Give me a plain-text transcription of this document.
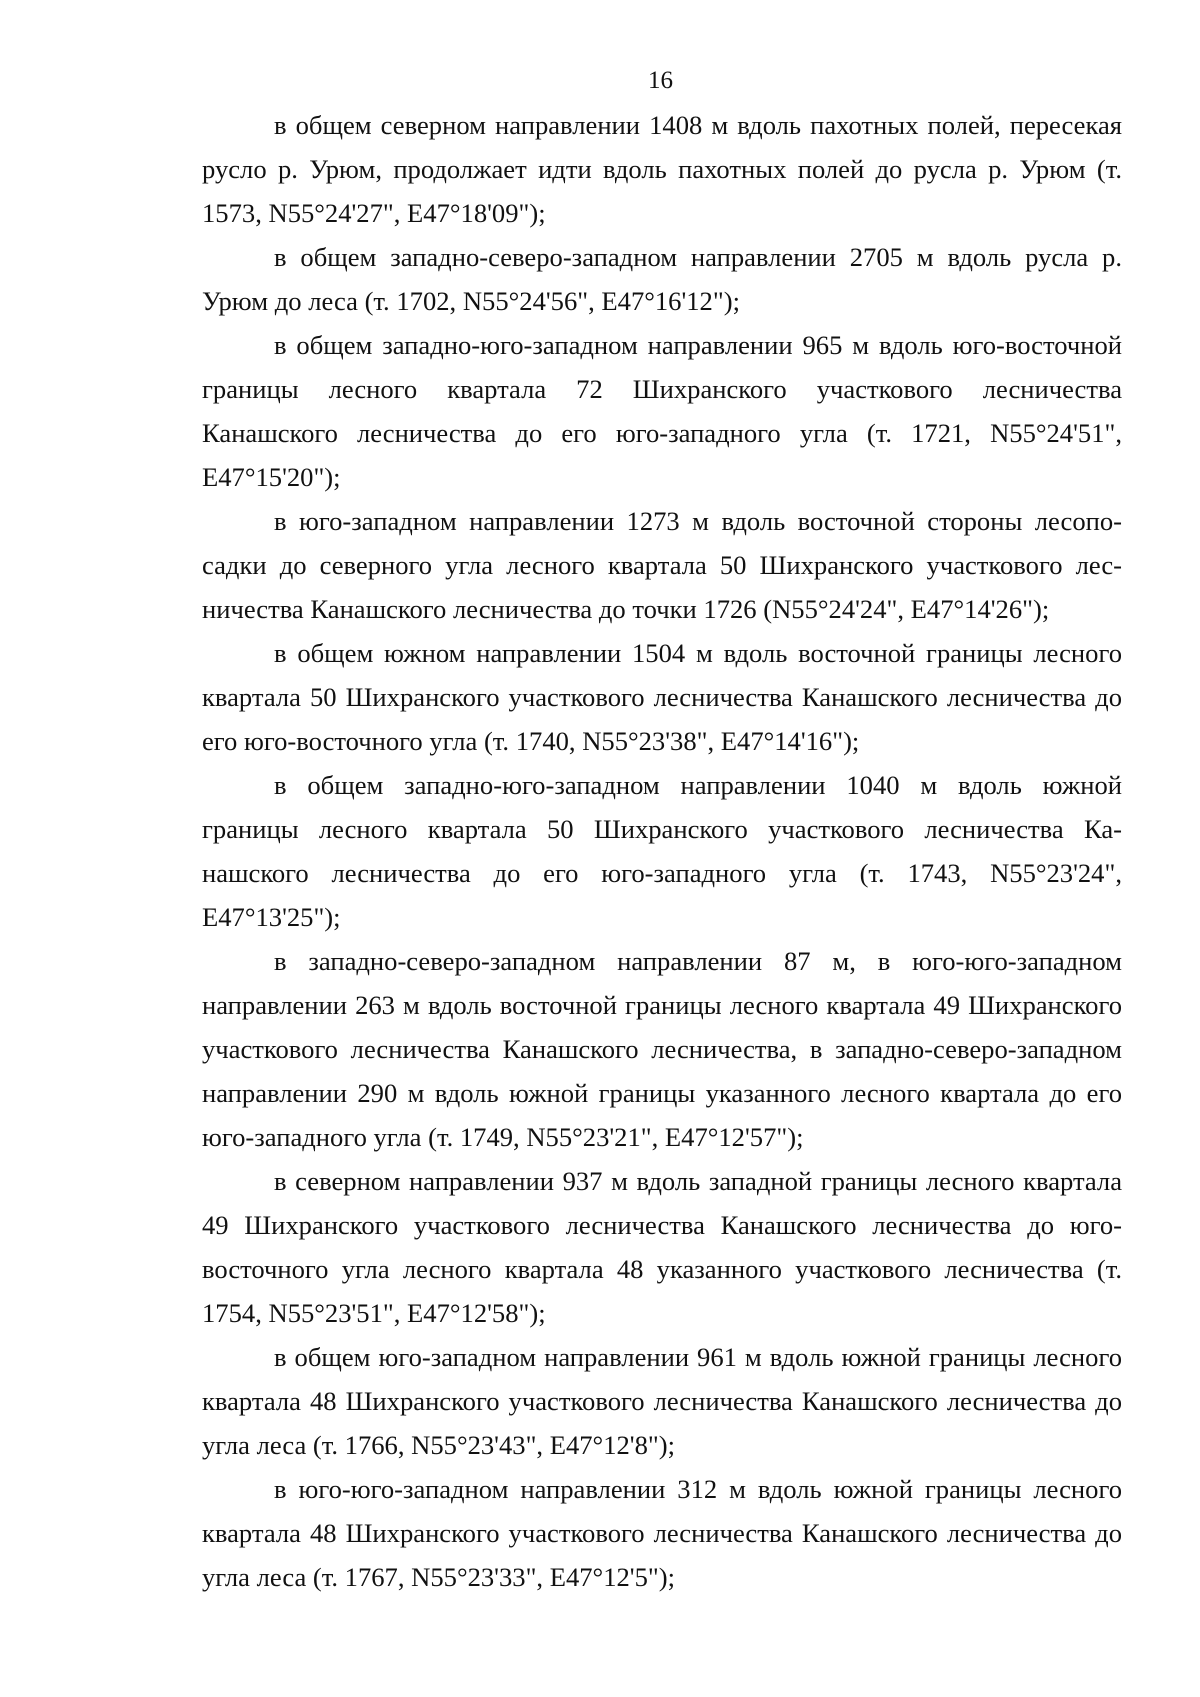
16

в общем северном направлении 1408 м вдоль пахотных полей, пересекая русло р. Урюм, продолжает идти вдоль пахотных полей до русла р. Урюм (т. 1573, N55°24'27", E47°18'09");

в общем западно-северо-западном направлении 2705 м вдоль русла р. Урюм до леса (т. 1702, N55°24'56", E47°16'12");

в общем западно-юго-западном направлении 965 м вдоль юго-восточной границы лесного квартала 72 Шихранского участкового лесничества Канашского лесничества до его юго-западного угла (т. 1721, N55°24'51", E47°15'20");

в юго-западном направлении 1273 м вдоль восточной стороны лесопосадки до северного угла лесного квартала 50 Шихранского участкового лесничества Канашского лесничества до точки 1726 (N55°24'24", E47°14'26");

в общем южном направлении 1504 м вдоль восточной границы лесного квартала 50 Шихранского участкового лесничества Канашского лесничества до его юго-восточного угла (т. 1740, N55°23'38", E47°14'16");

в общем западно-юго-западном направлении 1040 м вдоль южной границы лесного квартала 50 Шихранского участкового лесничества Канашского лесничества до его юго-западного угла (т. 1743, N55°23'24", E47°13'25");

в западно-северо-западном направлении 87 м, в юго-юго-западном направлении 263 м вдоль восточной границы лесного квартала 49 Шихранского участкового лесничества Канашского лесничества, в западно-северо-западном направлении 290 м вдоль южной границы указанного лесного квартала до его юго-западного угла (т. 1749, N55°23'21", E47°12'57");

в северном направлении 937 м вдоль западной границы лесного квартала 49 Шихранского участкового лесничества Канашского лесничества до юго-восточного угла лесного квартала 48 указанного участкового лесничества (т. 1754, N55°23'51", E47°12'58");

в общем юго-западном направлении 961 м вдоль южной границы лесного квартала 48 Шихранского участкового лесничества Канашского лесничества до угла леса (т. 1766, N55°23'43", E47°12'8");

в юго-юго-западном направлении 312 м вдоль южной границы лесного квартала 48 Шихранского участкового лесничества Канашского лесничества до угла леса (т. 1767, N55°23'33", E47°12'5");
